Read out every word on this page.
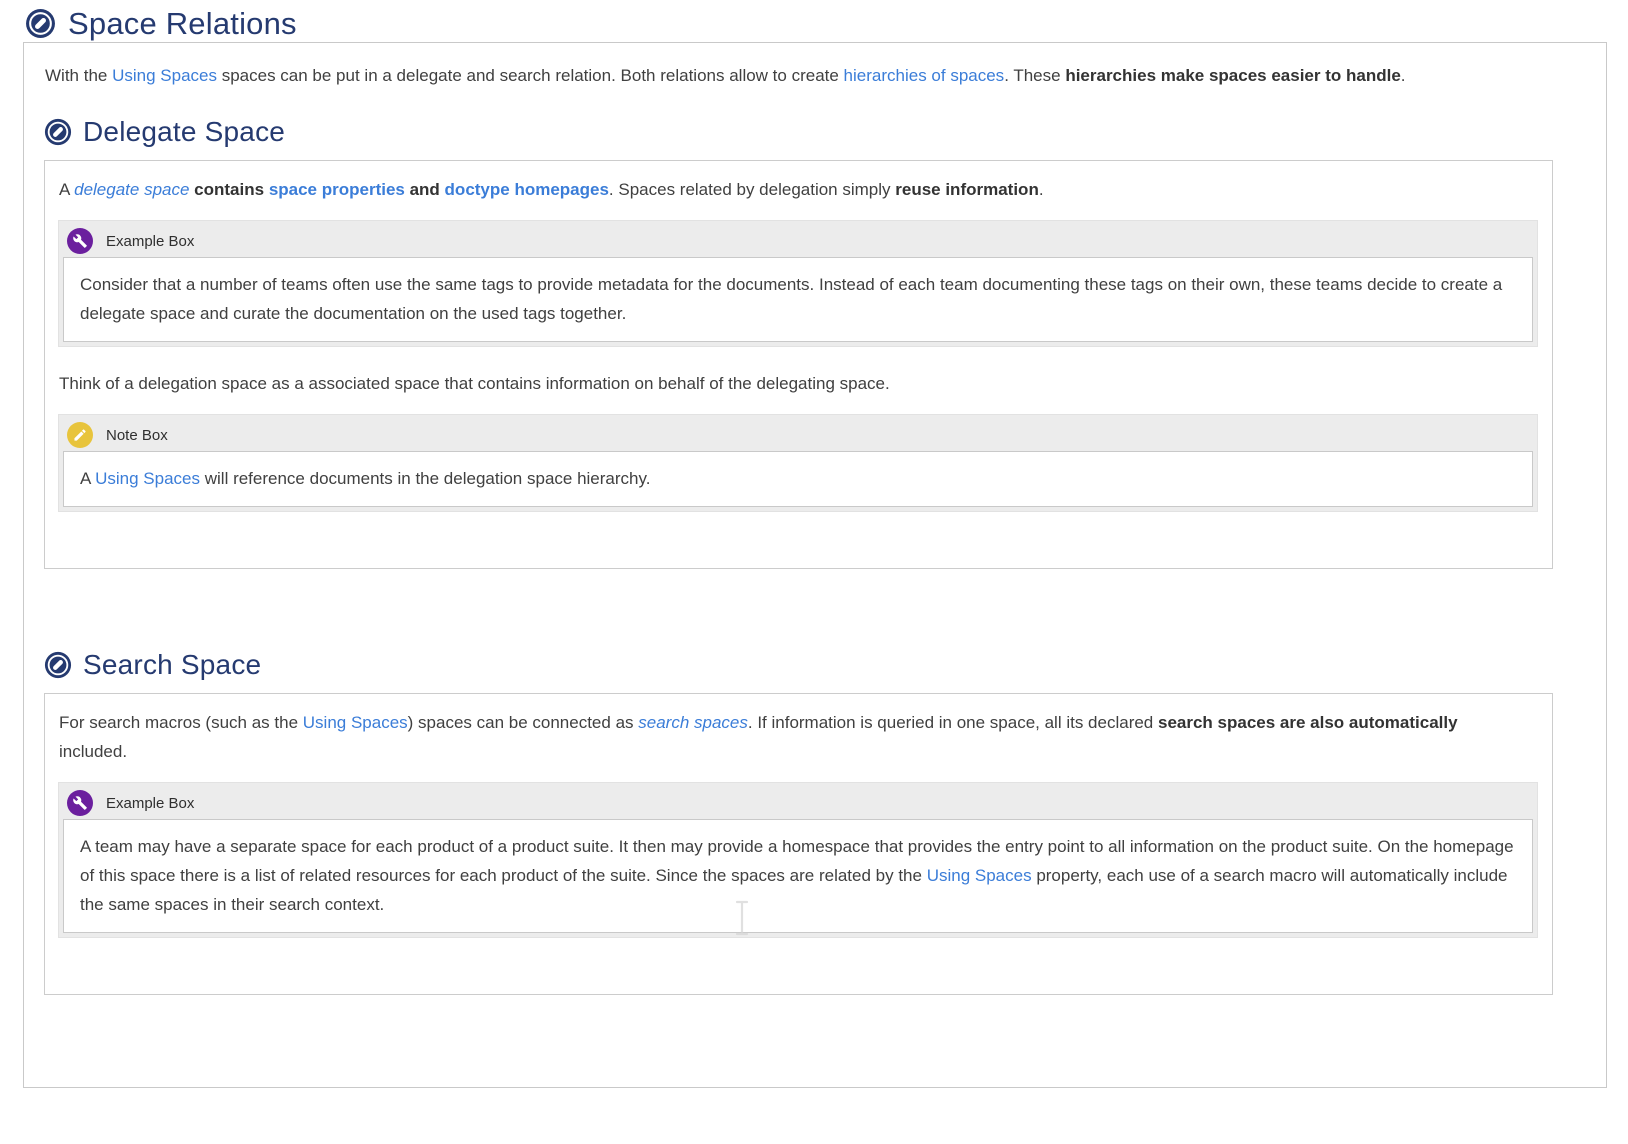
Space Relations

With the Using Spaces spaces can be put in a delegate and search relation. Both relations allow to create hierarchies of spaces. These hierarchies make spaces easier to handle.

Delegate Space

A delegate space contains space properties and doctype homepages. Spaces related by delegation simply reuse information.

Example Box
Consider that a number of teams often use the same tags to provide metadata for the documents. Instead of each team documenting these tags on their own, these teams decide to create a delegate space and curate the documentation on the used tags together.

Think of a delegation space as a associated space that contains information on behalf of the delegating space.

Note Box
A Using Spaces will reference documents in the delegation space hierarchy.
Search Space

For search macros (such as the Using Spaces) spaces can be connected as search spaces. If information is queried in one space, all its declared search spaces are also automatically included.

Example Box
A team may have a separate space for each product of a product suite. It then may provide a homespace that provides the entry point to all information on the product suite. On the homepage of this space there is a list of related resources for each product of the suite. Since the spaces are related by the Using Spaces property, each use of a search macro will automatically include the same spaces in their search context.
